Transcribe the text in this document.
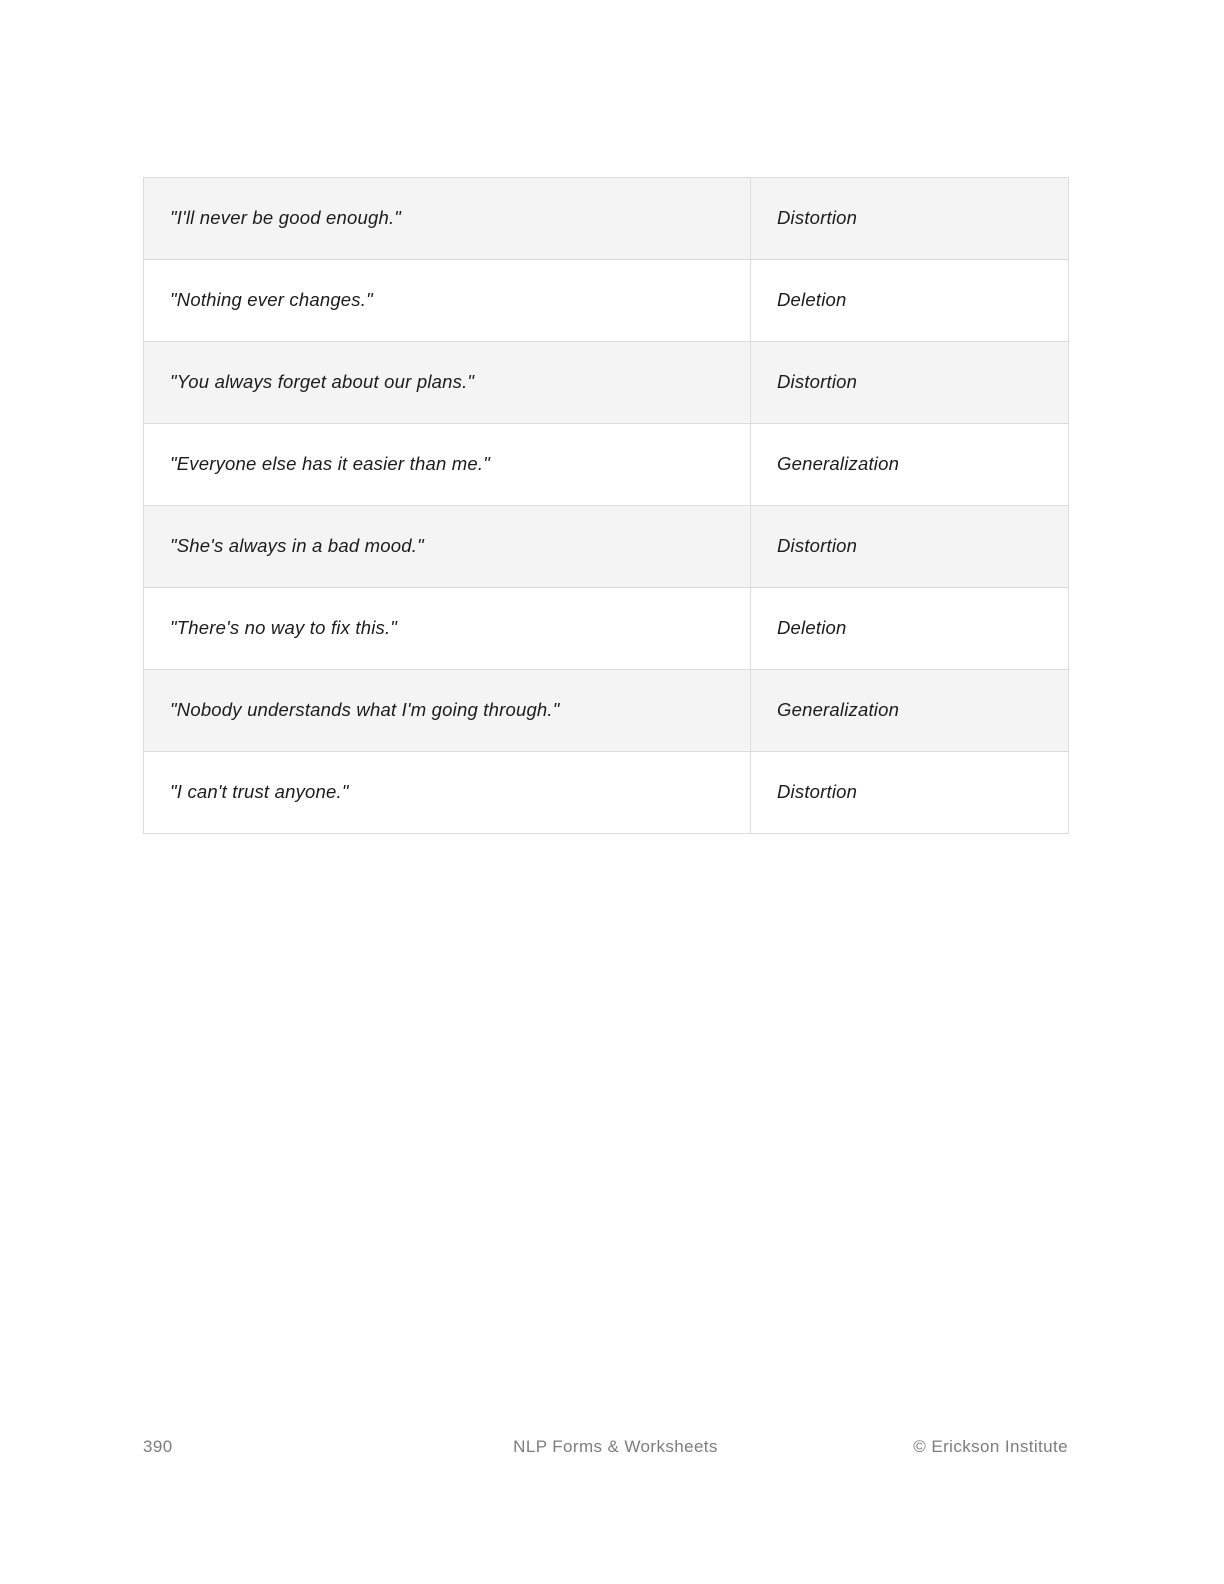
"I'll never be good enough."	Distortion
"Nothing ever changes."	Deletion
"You always forget about our plans."	Distortion
"Everyone else has it easier than me."	Generalization
"She's always in a bad mood."	Distortion
"There's no way to fix this."	Deletion
"Nobody understands what I'm going through."	Generalization
"I can't trust anyone."	Distortion
390	NLP Forms & Worksheets	© Erickson Institute
